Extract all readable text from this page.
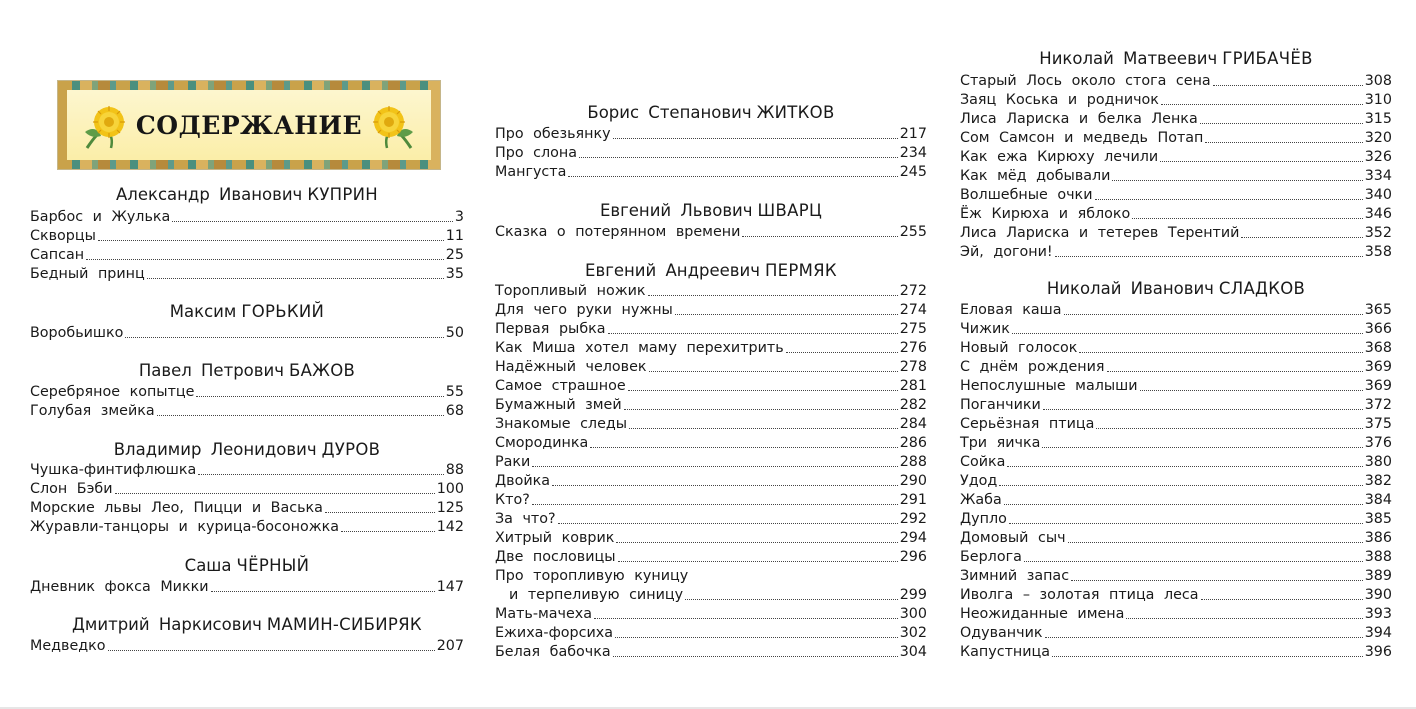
СОДЕРЖАНИЕ
Александр Иванович КУПРИН
Барбос и Жулька	3
Скворцы	11
Сапсан	25
Бедный принц	35
Максим ГОРЬКИЙ
Воробьишко	50
Павел Петрович БАЖОВ
Серебряное копытце	55
Голубая змейка	68
Владимир Леонидович ДУРОВ
Чушка-финтифлюшка	88
Слон Бэби	100
Морские львы Лео, Пицци и Васька	125
Журавли-танцоры и курица-босоножка	142
Саша ЧЁРНЫЙ
Дневник фокса Микки	147
Дмитрий Наркисович МАМИН-СИБИРЯК
Медведко	207
Борис Степанович ЖИТКОВ
Про обезьянку	217
Про слона	234
Мангуста	245
Евгений Львович ШВАРЦ
Сказка о потерянном времени	255
Евгений Андреевич ПЕРМЯК
Торопливый ножик	272
Для чего руки нужны	274
Первая рыбка	275
Как Миша хотел маму перехитрить	276
Надёжный человек	278
Самое страшное	281
Бумажный змей	282
Знакомые следы	284
Смородинка	286
Раки	288
Двойка	290
Кто?	291
За что?	292
Хитрый коврик	294
Две пословицы	296
Про торопливую куницу
и терпеливую синицу	299
Мать-мачеха	300
Ежиха-форсиха	302
Белая бабочка	304
Николай Матвеевич ГРИБАЧЁВ
Старый Лось около стога сена	308
Заяц Коська и родничок	310
Лиса Лариска и белка Ленка	315
Сом Самсон и медведь Потап	320
Как ежа Кирюху лечили	326
Как мёд добывали	334
Волшебные очки	340
Ёж Кирюха и яблоко	346
Лиса Лариска и тетерев Терентий	352
Эй, догони!	358
Николай Иванович СЛАДКОВ
Еловая каша	365
Чижик	366
Новый голосок	368
С днём рождения	369
Непослушные малыши	369
Поганчики	372
Серьёзная птица	375
Три яичка	376
Сойка	380
Удод	382
Жаба	384
Дупло	385
Домовый сыч	386
Берлога	388
Зимний запас	389
Иволга – золотая птица леса	390
Неожиданные имена	393
Одуванчик	394
Капустница	396
